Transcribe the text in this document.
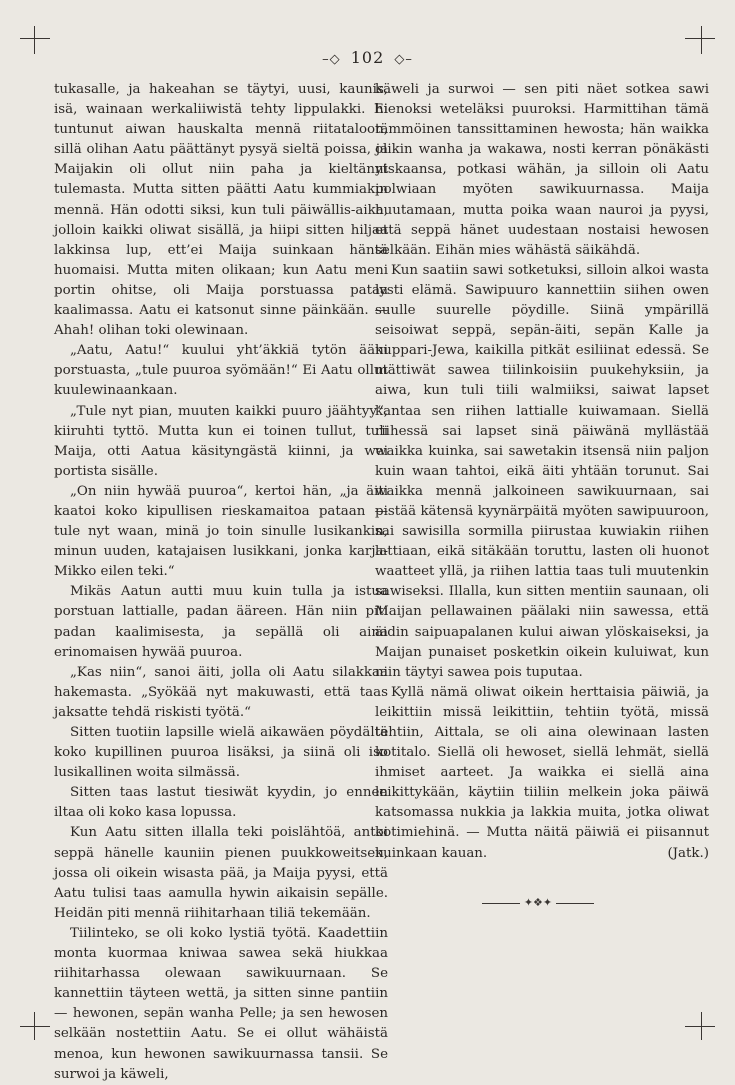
–◇ 102 ◇–

tukasalle, ja hakeahan se täytyi, uusi, kaunis, isä, wainaan werkaliiwistä tehty lippulakki. Ei tuntunut aiwan hauskalta mennä riitataloon, sillä olihan Aatu päättänyt pysyä sieltä poissa, ja Maijakin oli ollut niin paha ja kieltänyt tulemasta. Mutta sitten päätti Aatu kummiakin mennä. Hän odotti siksi, kun tuli päiwällis-aika, jolloin kaikki oliwat sisällä, ja hiipi sitten hiljaa lakkinsa lup, ett’ei Maija suinkaan häntä huomaisi. Mutta miten olikaan; kun Aatu meni portin ohitse, oli Maija porstuassa pataa kaalimassa. Aatu ei katsonut sinne päinkään. — Ahah! olihan toki olewinaan.

„Aatu, Aatu!“ kuului yht’äkkiä tytön ääni porstuasta, „tule puuroa syömään!“ Ei Aatu ollut kuulewinaankaan.

„Tule nyt pian, muuten kaikki puuro jäähtyy“, kiiruhti tyttö. Mutta kun ei toinen tullut, tuli Maija, otti Aatua käsityngästä kiinni, ja wei portista sisälle.

„On niin hywää puuroa“, kertoi hän, „ja äiti kaatoi koko kipullisen rieskamaitoa pataan — tule nyt waan, minä jo toin sinulle lusikankin, minun uuden, katajaisen lusikkani, jonka karja-Mikko eilen teki.“

Mikäs Aatun autti muu kuin tulla ja istua porstuan lattialle, padan ääreen. Hän niin piti padan kaalimisesta, ja sepällä oli aina erinomaisen hywää puuroa.

„Kas niin“, sanoi äiti, jolla oli Aatu silakkaa hakemasta. „Syökää nyt makuwasti, että taas jaksatte tehdä riskisti työtä.“

Sitten tuotiin lapsille wielä aikawäen pöydältä koko kupillinen puuroa lisäksi, ja siinä oli iso lusikallinen woita silmässä.

Sitten taas lastut tiesiwät kyydin, jo ennen iltaa oli koko kasa lopussa.

Kun Aatu sitten illalla teki poislähtöä, antoi seppä hänelle kauniin pienen puukkoweitsen, jossa oli oikein wisasta pää, ja Maija pyysi, että Aatu tulisi taas aamulla hywin aikaisin sepälle. Heidän piti mennä riihitarhaan tiliä tekemään.

Tiilinteko, se oli koko lystiä työtä. Kaadettiin monta kuormaa kniwaa sawea sekä hiukkaa riihitarhassa olewaan sawikuurnaan. Se kannettiin täyteen wettä, ja sitten sinne pantiin — hewonen, sepän wanha Pelle; ja sen hewosen selkään nostettiin Aatu. Se ei ollut wähäistä menoa, kun hewonen sawikuurnassa tansii. Se surwoi ja käweli,

käweli ja surwoi — sen piti näet sotkea sawi hienoksi weteläksi puuroksi. Harmittihan tämä tämmöinen tanssittaminen hewosta; hän waikka olikin wanha ja wakawa, nosti kerran pönäkästi niskaansa, potkasi wähän, ja silloin oli Aatu polwiaan myöten sawikuurnassa. Maija huutamaan, mutta poika waan nauroi ja pyysi, että seppä hänet uudestaan nostaisi hewosen selkään. Eihän mies wähästä säikähdä.

Kun saatiin sawi sotketuksi, silloin alkoi wasta lysti elämä. Sawipuuro kannettiin siihen owen suulle suurelle pöydille. Siinä ympärillä seisoiwat seppä, sepän-äiti, sepän Kalle ja kuppari-Jewa, kaikilla pitkät esiliinat edessä. Se mättiwät sawea tiilinkoisiin puukehyksiin, ja aiwa, kun tuli tiili walmiiksi, saiwat lapset kantaa sen riihen lattialle kuiwamaan. Siellä riihessä sai lapset sinä päiwänä myllästää waikka kuinka, sai sawetakin itsensä niin paljon kuin waan tahtoi, eikä äiti yhtään torunut. Sai waikka mennä jalkoineen sawikuurnaan, sai pistää kätensä kyynärpäitä myöten sawipuuroon, sai sawisilla sormilla piirustaa kuwiakin riihen lattiaan, eikä sitäkään toruttu, lasten oli huonot waatteet yllä, ja riihen lattia taas tuli muutenkin sawiseksi. Illalla, kun sitten mentiin saunaan, oli Maijan pellawainen päälaki niin sawessa, että äidin saipuapalanen kului aiwan ylöskaiseksi, ja Maijan punaiset posketkin oikein kuluiwat, kun niin täytyi sawea pois tuputaa.

Kyllä nämä oliwat oikein herttaisia päiwiä, ja leikittiin missä leikittiin, tehtiin työtä, missä tehtiin, Aittala, se oli aina olewinaan lasten kotitalo. Siellä oli hewoset, siellä lehmät, siellä ihmiset aarteet. Ja waikka ei siellä aina leikittykään, käytiin tiiliin melkein joka päiwä katsomassa nukkia ja lakkia muita, jotka oliwat kotimiehinä. — Mutta näitä päiwiä ei piisannut kuinkaan kauan.	(Jatk.)

✦❖✦
